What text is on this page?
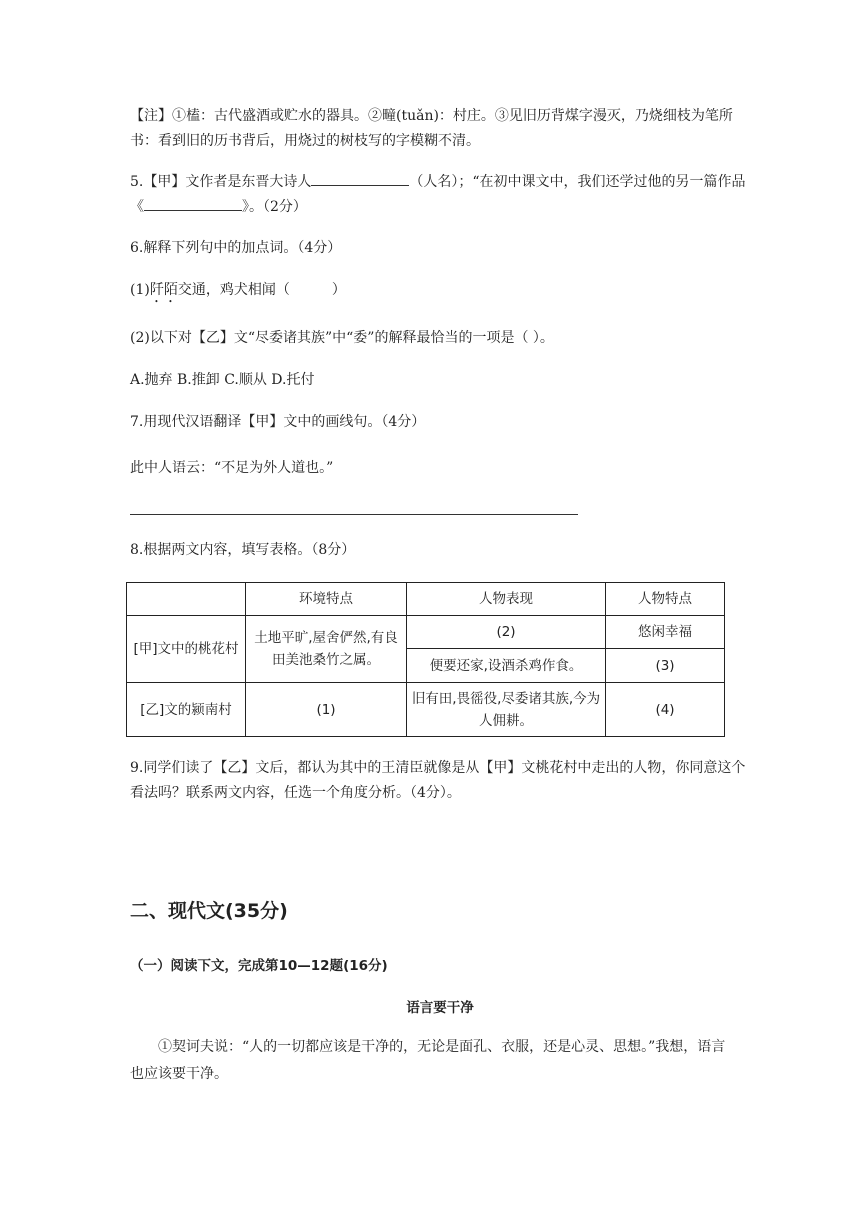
【注】①榼：古代盛酒或贮水的器具。②疃(tuǎn)：村庄。③见旧历背煤字漫灭，乃烧细枝为笔所书：看到旧的历书背后，用烧过的树枝写的字模糊不清。

5.【甲】文作者是东晋大诗人	（人名）；“在初中课文中，我们还学过他的另一篇作品《	》。（2分）

6.解释下列句中的加点词。（4分）

(1)阡陌交通，鸡犬相闻（　　　）

(2)以下对【乙】文“尽委诸其族”中“委”的解释最恰当的一项是（ ）。

A.抛弃 B.推卸 C.顺从 D.托付

7.用现代汉语翻译【甲】文中的画线句。（4分）

此中人语云：“不足为外人道也。”

8.根据两文内容，填写表格。（8分）

	环境特点	人物表现	人物特点
[甲]文中的桃花村	土地平旷,屋舍俨然,有良田美池桑竹之属。	(2)	悠闲幸福
		便要还家,设酒杀鸡作食。	(3)
[乙]文的颍南村	(1)	旧有田,畏徭役,尽委诸其族,今为人佣耕。	(4)

9.同学们读了【乙】文后，都认为其中的王清臣就像是从【甲】文桃花村中走出的人物，你同意这个看法吗？联系两文内容，任选一个角度分析。（4分）。

二、现代文(35分)
（一）阅读下文，完成第10—12题(16分)
语言要干净

①契诃夫说：“人的一切都应该是干净的，无论是面孔、衣服，还是心灵、思想。”我想，语言也应该要干净。
